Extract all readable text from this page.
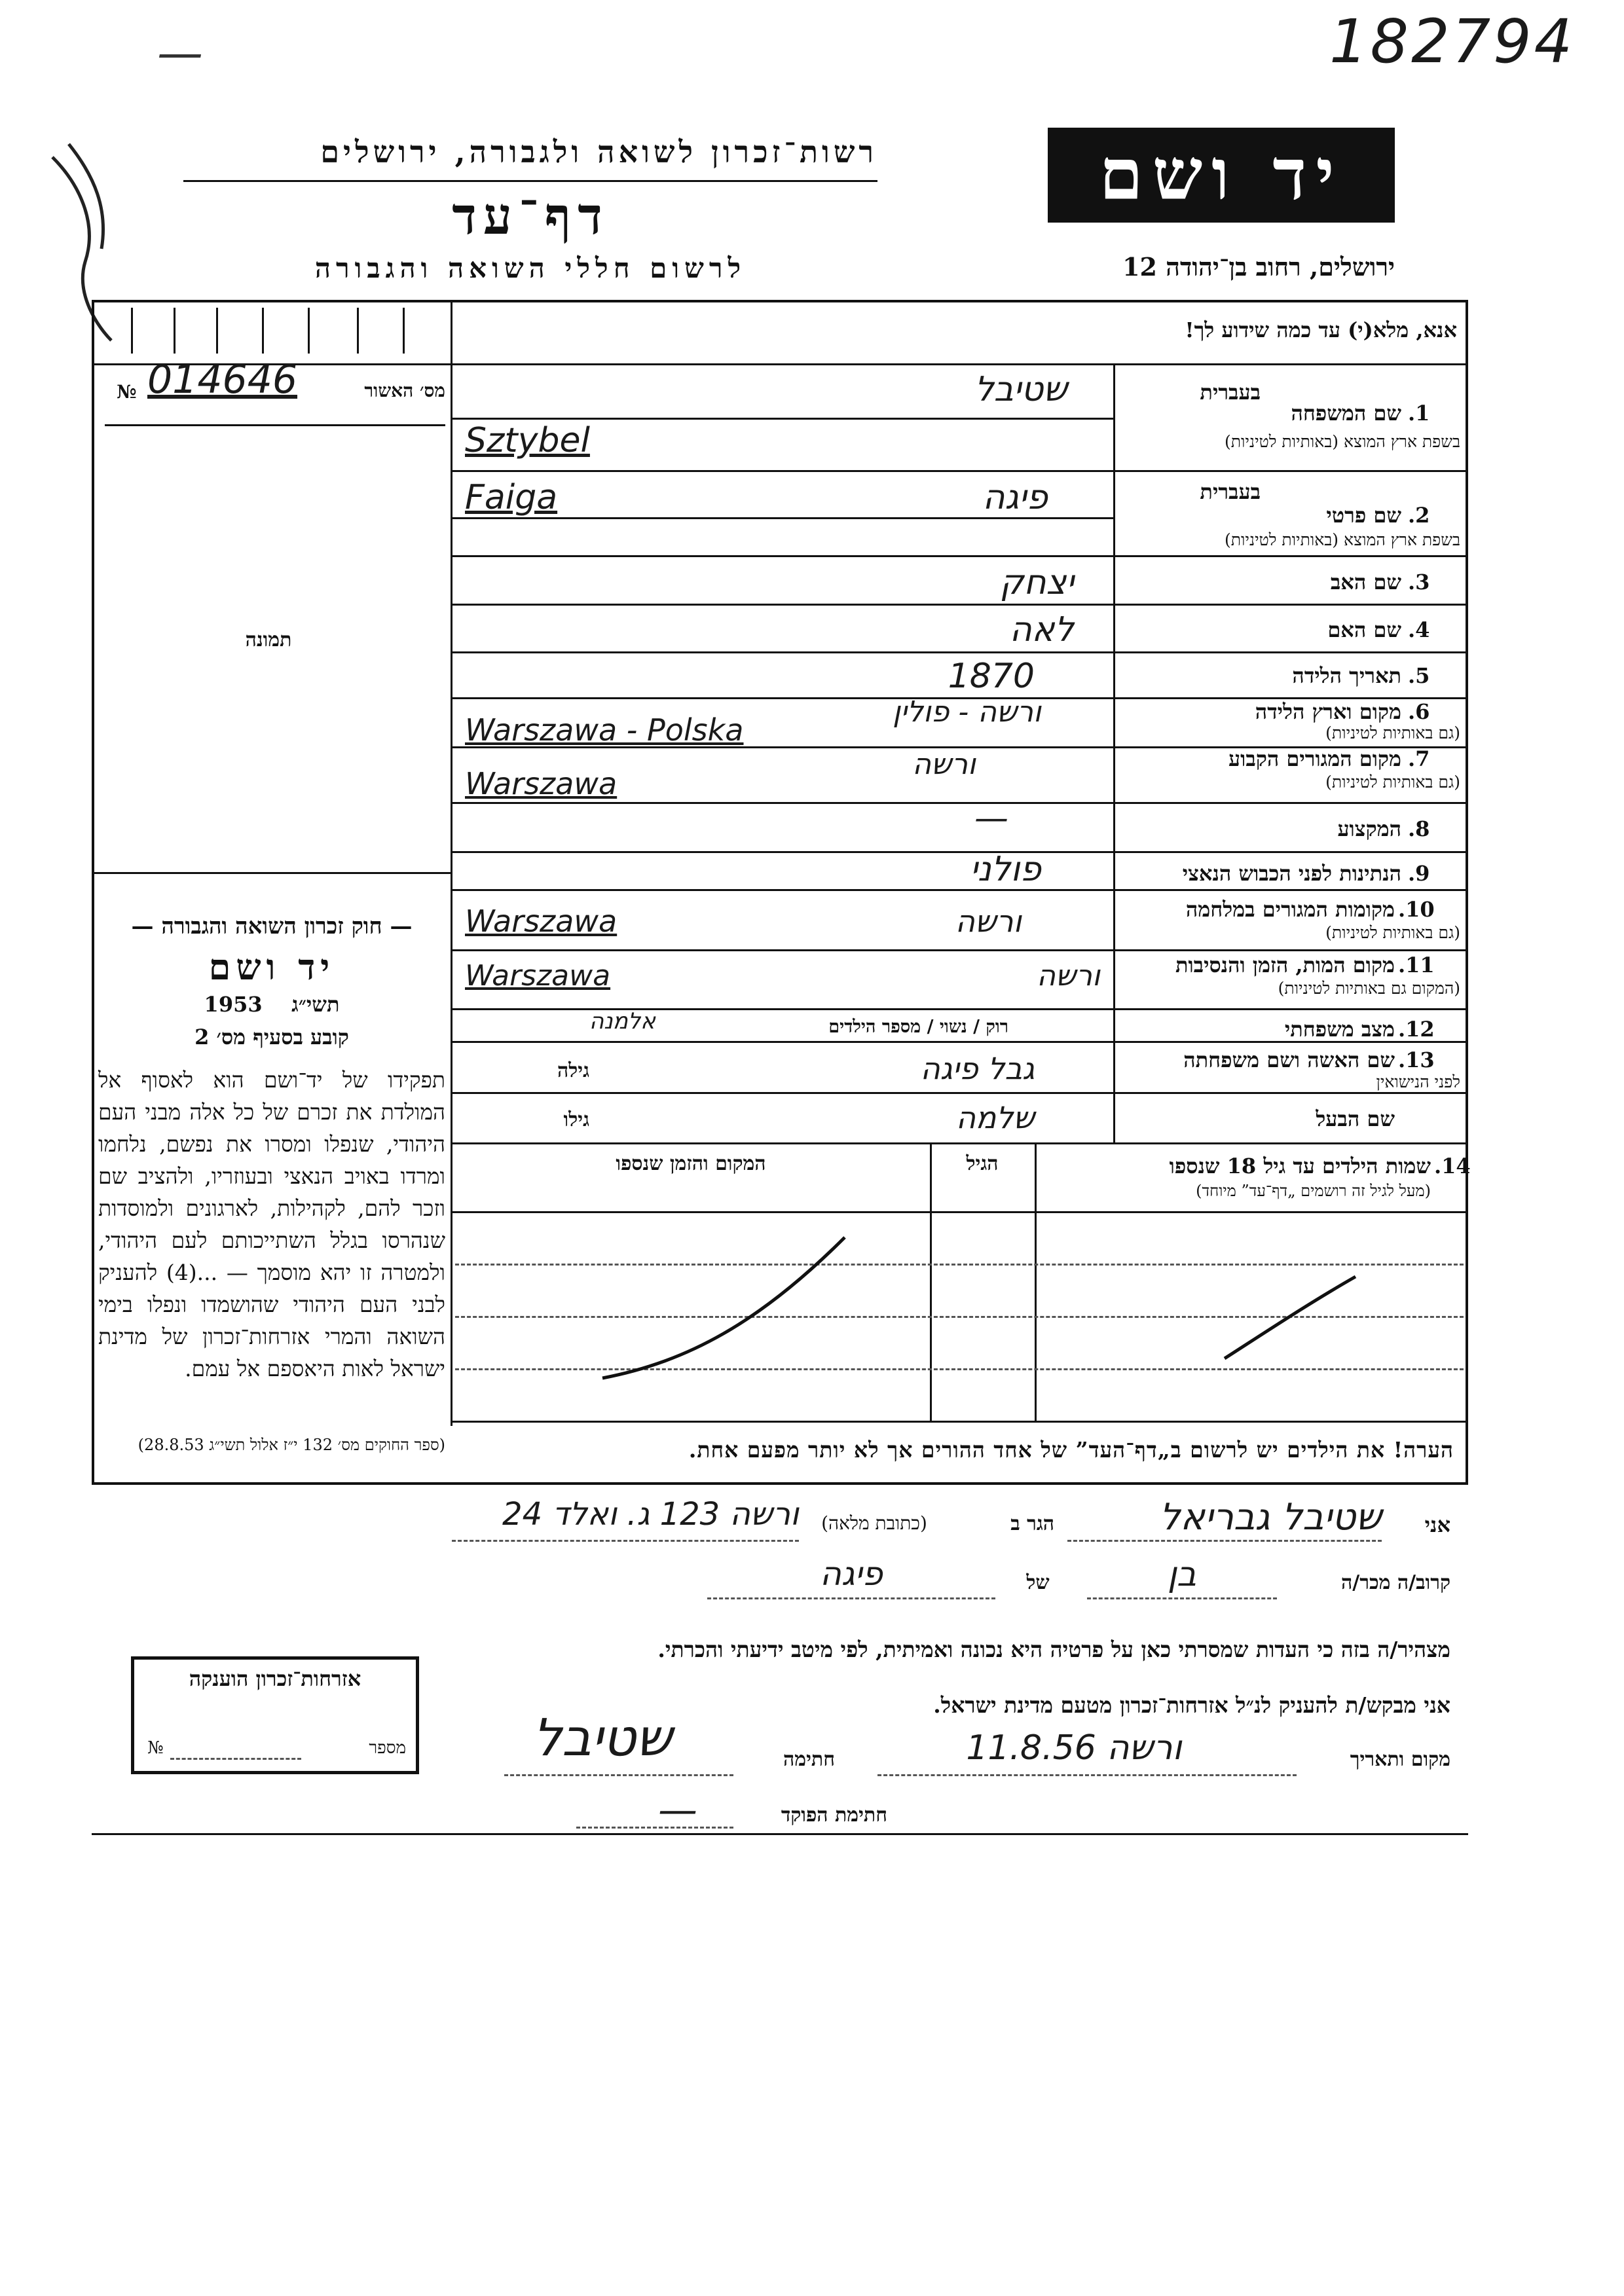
—	182794
רשות־זכרון לשואה ולגבורה, ירושלים
דף־עד
לרשום חללי השואה והגבורה
יד ושם
ירושלים, רחוב בן־יהודה 12
מס׳ האשור
№ 014646
תמונה
— חוק זכרון השואה והגבורה —
יד ושם
תשי״ג    1953
קובע בסעיף מס׳ 2
תפקידו של יד־ושם הוא לאסוף אל המולדת את זכרם של כל אלה מבני העם היהודי, שנפלו ומסרו את נפשם, נלחמו ומרדו באויב הנאצי ובעוזריו, ולהציב שם וזכר להם, לקהילות, לארגונים ולמוסדות שנהרסו בגלל השתייכותם לעם היהודי, ולמטרה זו יהא מוסמך — ...(4) להעניק לבני העם היהודי שהושמדו ונפלו בימי השואה והמרי אזרחות־זכרון של מדינת ישראל לאות היאספם אל עמם.
(ספר החוקים מס׳ 132 י״ז אלול תשי״ג 28.8.53)
אנא, מלא(י) עד כמה שידוע לך!
1.
שם המשפחה
בעברית
בשפת ארץ המוצא (באותיות לטיניות)
שטיבל
Sztybel
2.
שם פרטי
בעברית
בשפת ארץ המוצא (באותיות לטיניות)
פיגה
Faiga
3.
שם האב
יצחק
4.
שם האם
לאה
5.
תאריך הלידה
1870
6.
מקום וארץ הלידה
(גם באותיות לטיניות)
ורשה - פולין
Warszawa - Polska
7.
מקום המגורים הקבוע
(גם באותיות לטיניות)
ורשה
Warszawa
8.
המקצוע
—
9.
הנתינות לפני הכבוש הנאצי
פולני
10.
מקומות המגורים במלחמה
(גם באותיות לטיניות)
ורשה
Warszawa
11.
מקום המות, הזמן והנסיבות
(המקום גם באותיות לטיניות)
ורשה
Warszawa
12.
מצב משפחתי
רוק / נשוי / מספר הילדים
אלמנה
13.
שם האשה ושם משפחתה
לפני הנישואין
גבל פיגה
גילה
שם הבעל
שלמה
גילו
14.
שמות הילדים עד גיל 18 שנספו
(מעל לגיל זה רושמים „דף־עד” מיוחד)
הגיל
המקום והזמן שנספו
הערה! את הילדים יש לרשום ב„דף־העד” של אחד ההורים אך לא יותר מפעם אחת.
אני
שטיבל גבריאל
הגר ב
(כתובת מלאה)
ורשה 123 ג. ואלד 24
קרוב/ה מכר/ה
בן
של
פיגה
מצהיר/ה בזה כי העדות שמסרתי כאן על פרטיה היא נכונה ואמיתית, לפי מיטב ידיעתי והכרתי.
אני מבקש/ת להעניק לנ״ל אזרחות־זכרון מטעם מדינת ישראל.
מקום ותאריך
ורשה 11.8.56
חתימה
שטיבל
חתימת הפוקד
—
אזרחות־זכרון הוענקה
מספר
№
